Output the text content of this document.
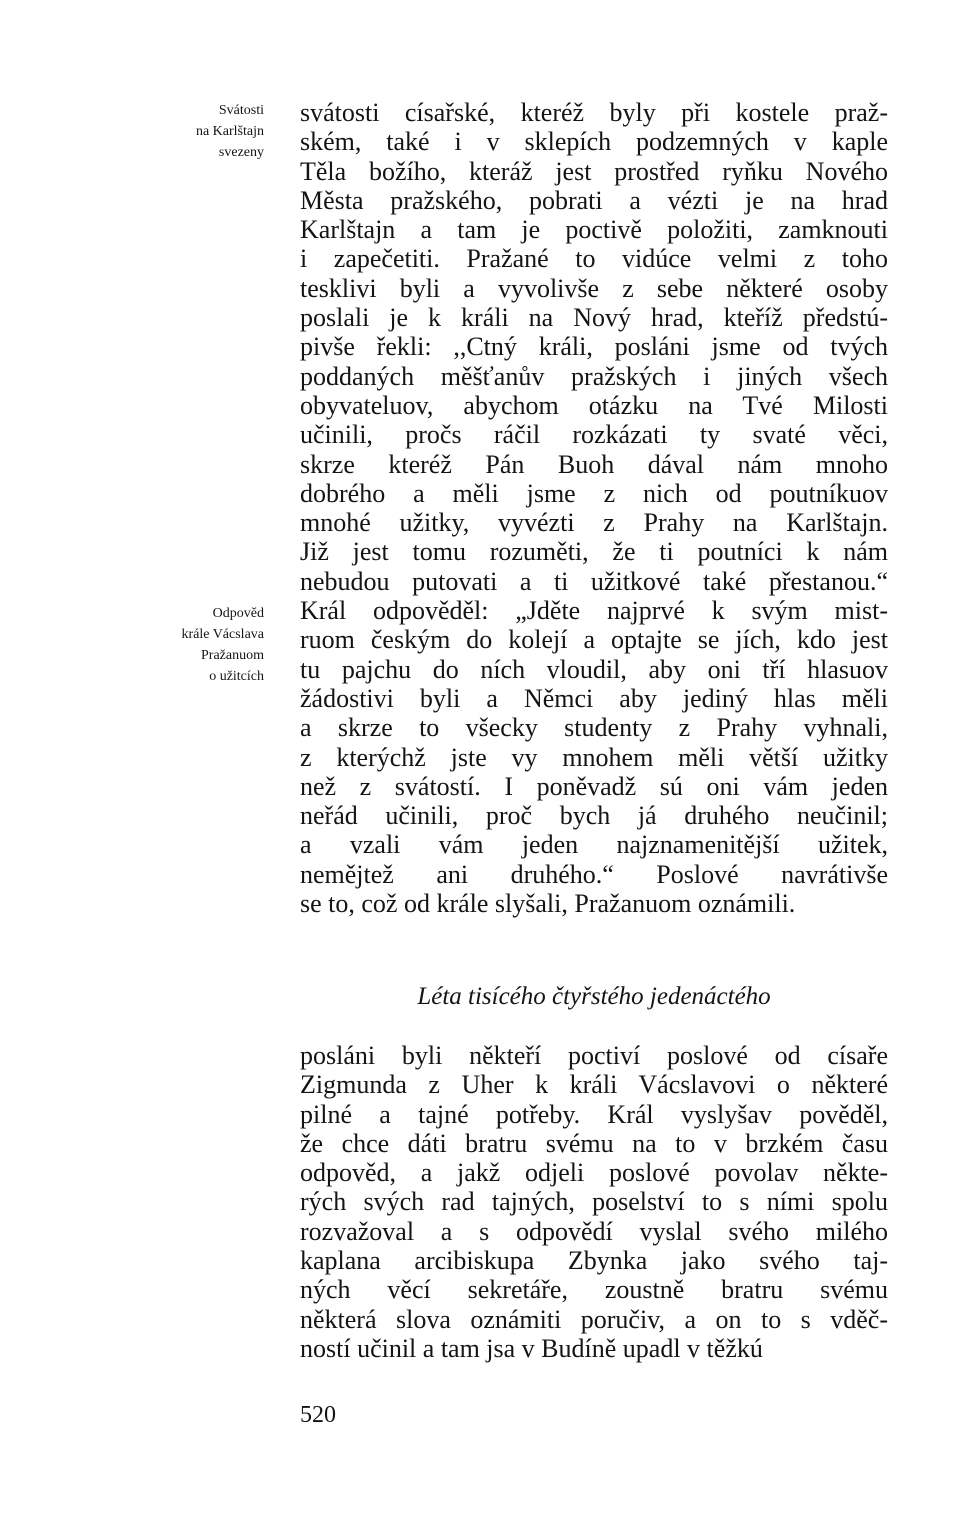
Svátosti
na Karlštajn
svezeny
Odpověd
krále Vácslava
Pražanuom
o užitcích
svátosti císařské, kteréž byly při kostele praž-
ském, také i v sklepích podzemných v kaple
Těla božího, kteráž jest prostřed ryňku Nového
Města pražského, pobrati a vézti je na hrad
Karlštajn a tam je poctivě položiti, zamknouti
i zapečetiti. Pražané to vidúce velmi z toho
tesklivi byli a vyvolivše z sebe některé osoby
poslali je k králi na Nový hrad, kteříž předstú-
pivše řekli: ,,Ctný králi, posláni jsme od tvých
poddaných měšťanův pražských i jiných všech
obyvateluov, abychom otázku na Tvé Milosti
učinili, pročs ráčil rozkázati ty svaté věci,
skrze kteréž Pán Buoh dával nám mnoho
dobrého a měli jsme z nich od poutníkuov
mnohé užitky, vyvézti z Prahy na Karlštajn.
Již jest tomu rozuměti, že ti poutníci k nám
nebudou putovati a ti užitkové také přestanou.“
Král odpověděl: „Jděte najprvé k svým mist-
ruom českým do kolejí a optajte se jích, kdo jest
tu pajchu do ních vloudil, aby oni tří hlasuov
žádostivi byli a Němci aby jediný hlas měli
a skrze to všecky studenty z Prahy vyhnali,
z kterýchž jste vy mnohem měli větší užitky
než z svátostí. I poněvadž sú oni vám jeden
neřád učinili, proč bych já druhého neučinil;
a vzali vám jeden najznamenitější užitek,
nemějtež ani druhého.“ Poslové navrátivše
se to, což od krále slyšali, Pražanuom oznámili.
Léta tisícého čtyřstého jedenáctého
posláni byli někteří poctiví poslové od císaře
Zigmunda z Uher k králi Vácslavovi o některé
pilné a tajné potřeby. Král vyslyšav pověděl,
že chce dáti bratru svému na to v brzkém času
odpověd, a jakž odjeli poslové povolav někte-
rých svých rad tajných, poselství to s ními spolu
rozvažoval a s odpovědí vyslal svého milého
kaplana arcibiskupa Zbynka jako svého taj-
ných věcí sekretáře, zoustně bratru svému
některá slova oznámiti poručiv, a on to s vděč-
ností učinil a tam jsa v Budíně upadl v těžkú
520
